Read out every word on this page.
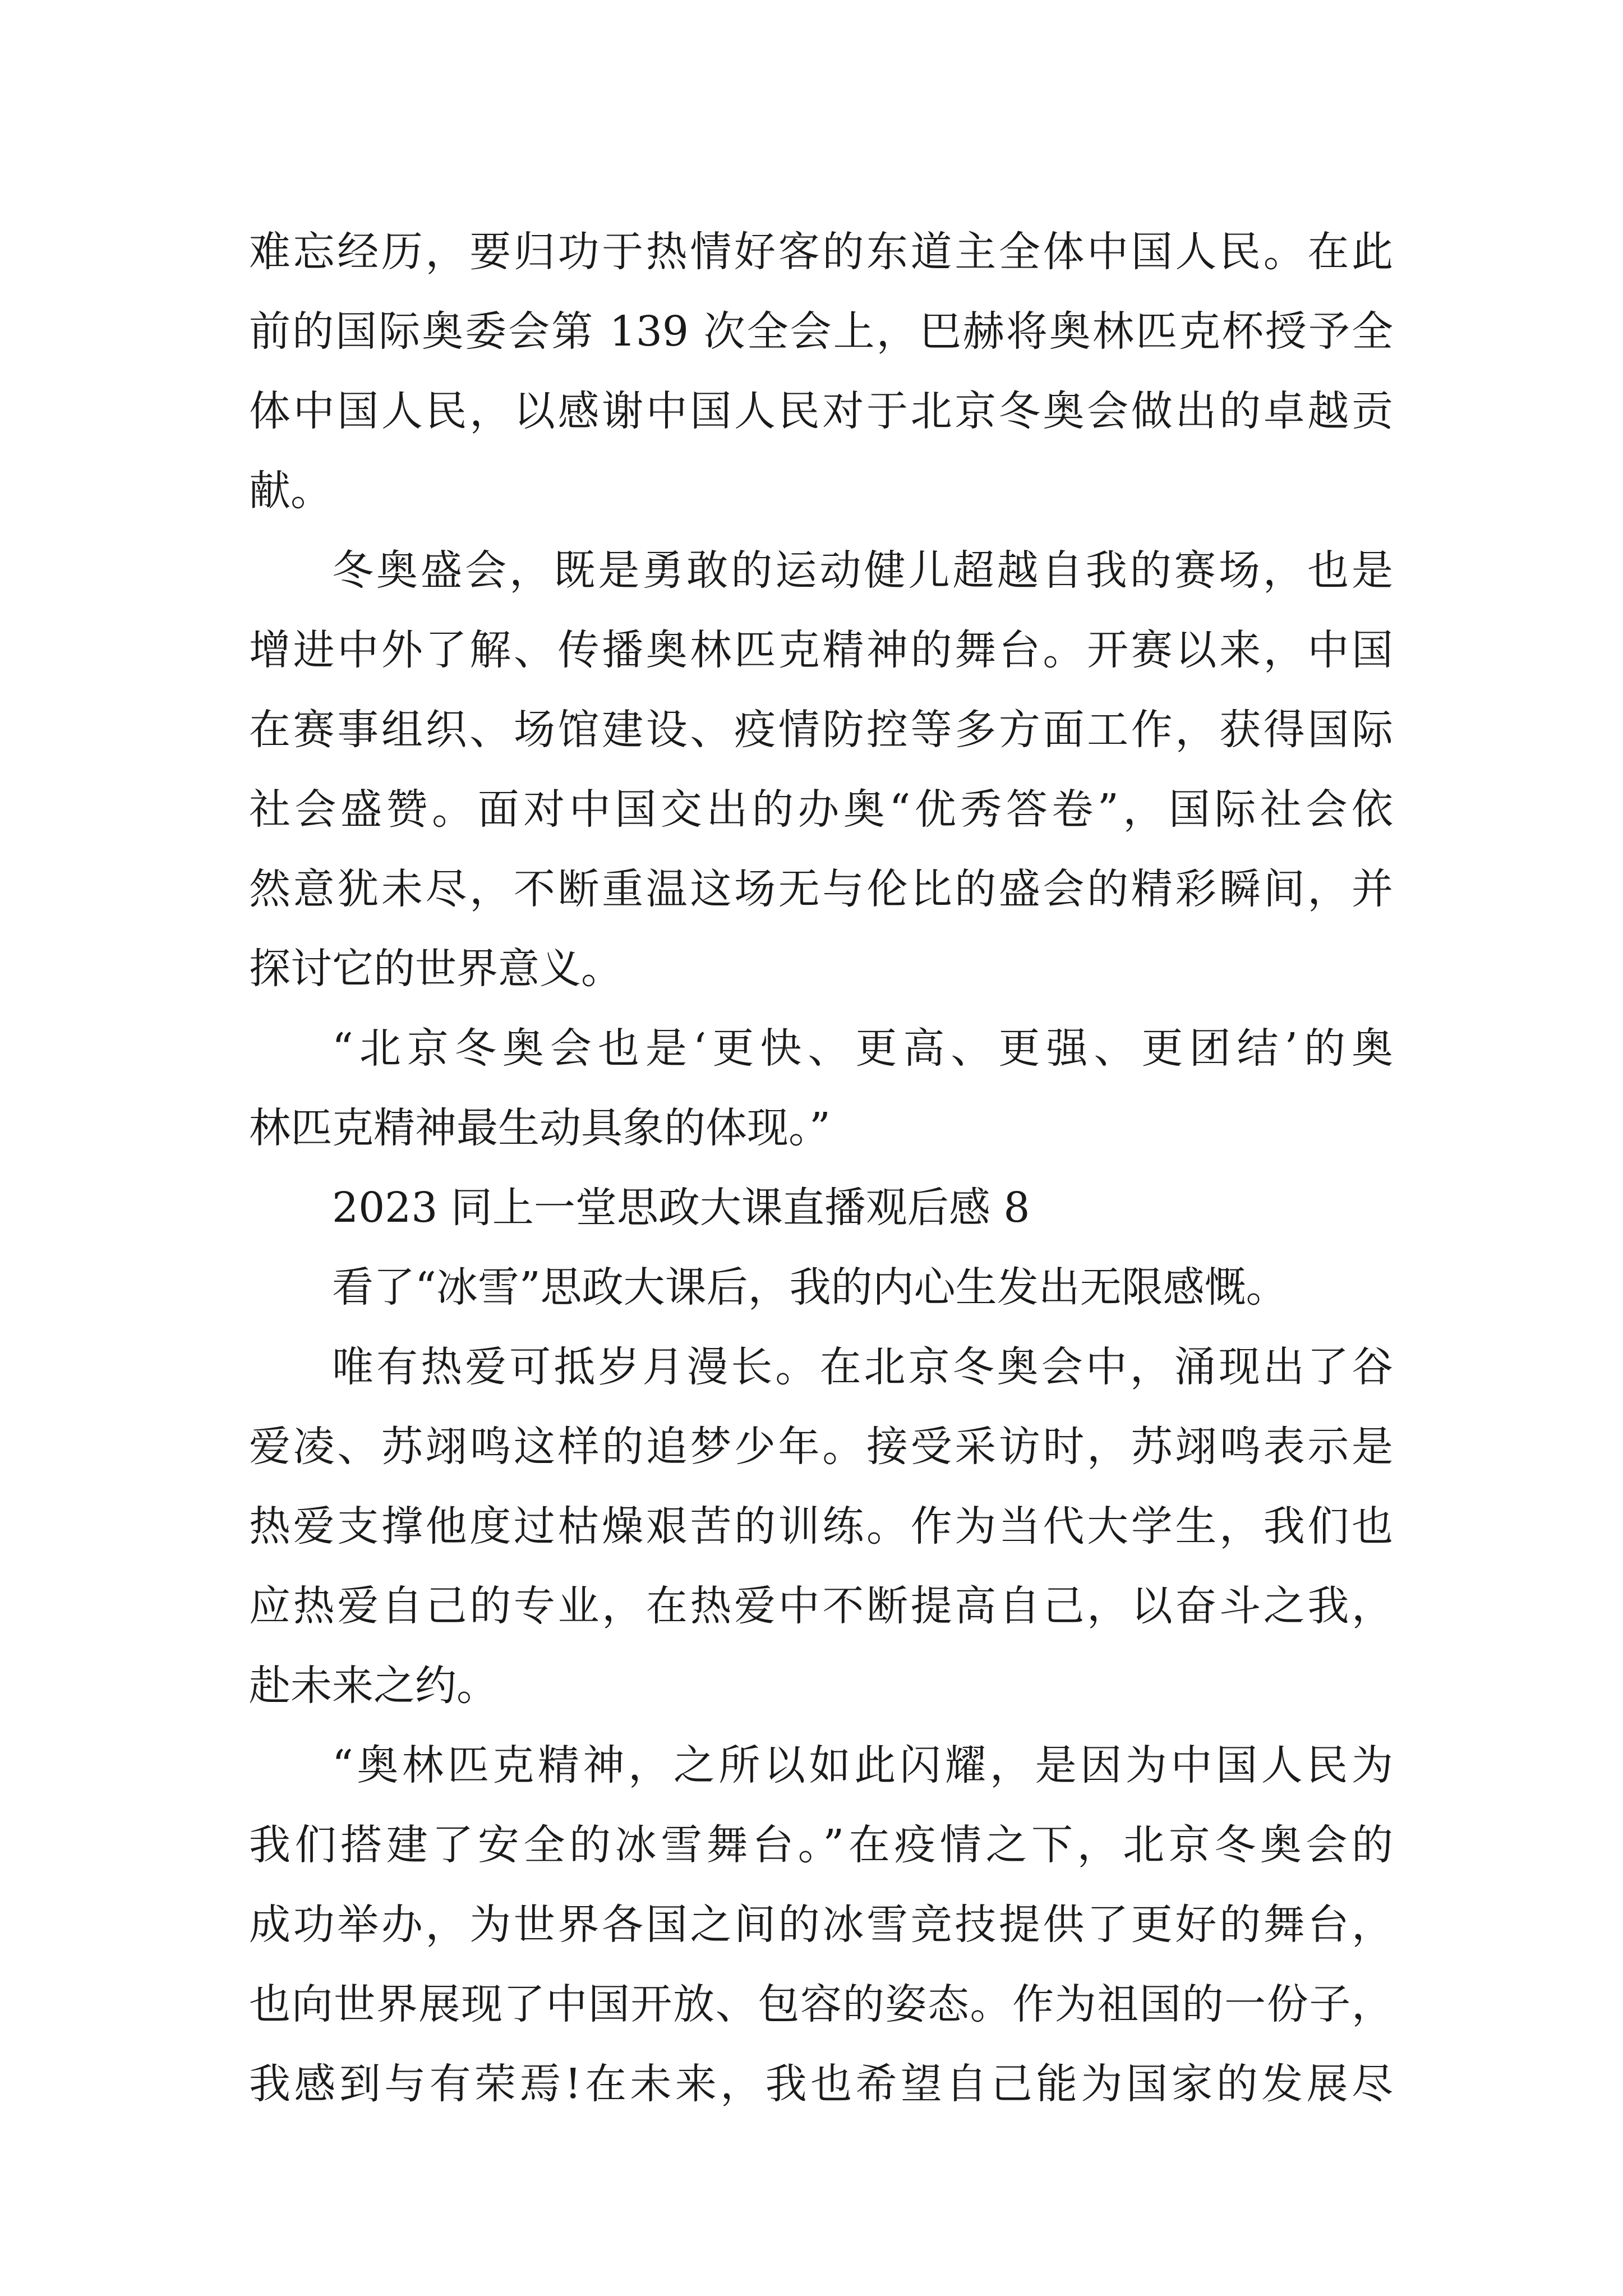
难忘经历，要归功于热情好客的东道主全体中国人民。在此
前的国际奥委会第 139 次全会上，巴赫将奥林匹克杯授予全
体中国人民，以感谢中国人民对于北京冬奥会做出的卓越贡
献。
冬奥盛会，既是勇敢的运动健儿超越自我的赛场，也是
增进中外了解、传播奥林匹克精神的舞台。开赛以来，中国
在赛事组织、场馆建设、疫情防控等多方面工作，获得国际
社会盛赞。面对中国交出的办奥“优秀答卷”，国际社会依
然意犹未尽，不断重温这场无与伦比的盛会的精彩瞬间，并
探讨它的世界意义。
“北京冬奥会也是‘更快、更高、更强、更团结’的奥
林匹克精神最生动具象的体现。”
2023 同上一堂思政大课直播观后感 8
看了“冰雪”思政大课后，我的内心生发出无限感慨。
唯有热爱可抵岁月漫长。在北京冬奥会中，涌现出了谷
爱凌、苏翊鸣这样的追梦少年。接受采访时，苏翊鸣表示是
热爱支撑他度过枯燥艰苦的训练。作为当代大学生，我们也
应热爱自己的专业，在热爱中不断提高自己，以奋斗之我，
赴未来之约。
“奥林匹克精神，之所以如此闪耀，是因为中国人民为
我们搭建了安全的冰雪舞台。”在疫情之下，北京冬奥会的
成功举办，为世界各国之间的冰雪竞技提供了更好的舞台，
也向世界展现了中国开放、包容的姿态。作为祖国的一份子，
我感到与有荣焉!在未来，我也希望自己能为国家的发展尽
